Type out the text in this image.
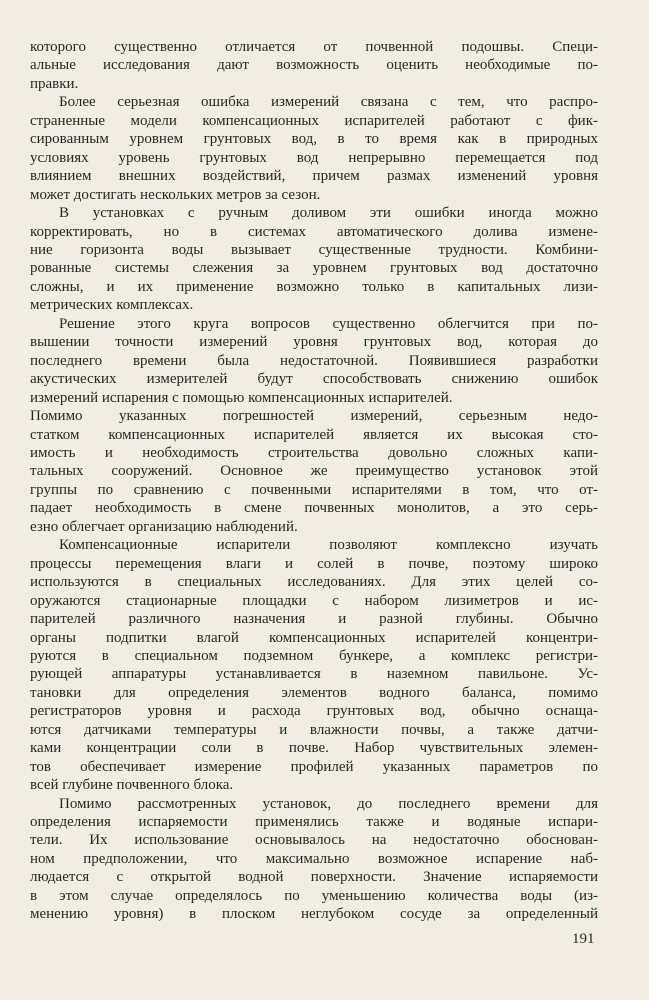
которого существенно отличается от почвенной подошвы. Специ-
альные исследования дают возможность оценить необходимые по-
правки.
Более серьезная ошибка измерений связана с тем, что распро-
страненные модели компенсационных испарителей работают с фик-
сированным уровнем грунтовых вод, в то время как в природных
условиях уровень грунтовых вод непрерывно перемещается под
влиянием внешних воздействий, причем размах изменений уровня
может достигать нескольких метров за сезон.
В установках с ручным доливом эти ошибки иногда можно
корректировать, но в системах автоматического долива измене-
ние горизонта воды вызывает существенные трудности. Комбини-
рованные системы слежения за уровнем грунтовых вод достаточно
сложны, и их применение возможно только в капитальных лизи-
метрических комплексах.
Решение этого круга вопросов существенно облегчится при по-
вышении точности измерений уровня грунтовых вод, которая до
последнего времени была недостаточной. Появившиеся разработки
акустических измерителей будут способствовать снижению ошибок
измерений испарения с помощью компенсационных испарителей.
Помимо указанных погрешностей измерений, серьезным недо-
статком компенсационных испарителей является их высокая сто-
имость и необходимость строительства довольно сложных капи-
тальных сооружений. Основное же преимущество установок этой
группы по сравнению с почвенными испарителями в том, что от-
падает необходимость в смене почвенных монолитов, а это серь-
езно облегчает организацию наблюдений.
Компенсационные испарители позволяют комплексно изучать
процессы перемещения влаги и солей в почве, поэтому широко
используются в специальных исследованиях. Для этих целей со-
оружаются стационарные площадки с набором лизиметров и ис-
парителей различного назначения и разной глубины. Обычно
органы подпитки влагой компенсационных испарителей концентри-
руются в специальном подземном бункере, а комплекс регистри-
рующей аппаратуры устанавливается в наземном павильоне. Ус-
тановки для определения элементов водного баланса, помимо
регистраторов уровня и расхода грунтовых вод, обычно оснаща-
ются датчиками температуры и влажности почвы, а также датчи-
ками концентрации соли в почве. Набор чувствительных элемен-
тов обеспечивает измерение профилей указанных параметров по
всей глубине почвенного блока.
Помимо рассмотренных установок, до последнего времени для
определения испаряемости применялись также и водяные испари-
тели. Их использование основывалось на недостаточно обоснован-
ном предположении, что максимально возможное испарение наб-
людается с открытой водной поверхности. Значение испаряемости
в этом случае определялось по уменьшению количества воды (из-
менению уровня) в плоском неглубоком сосуде за определенный
191
